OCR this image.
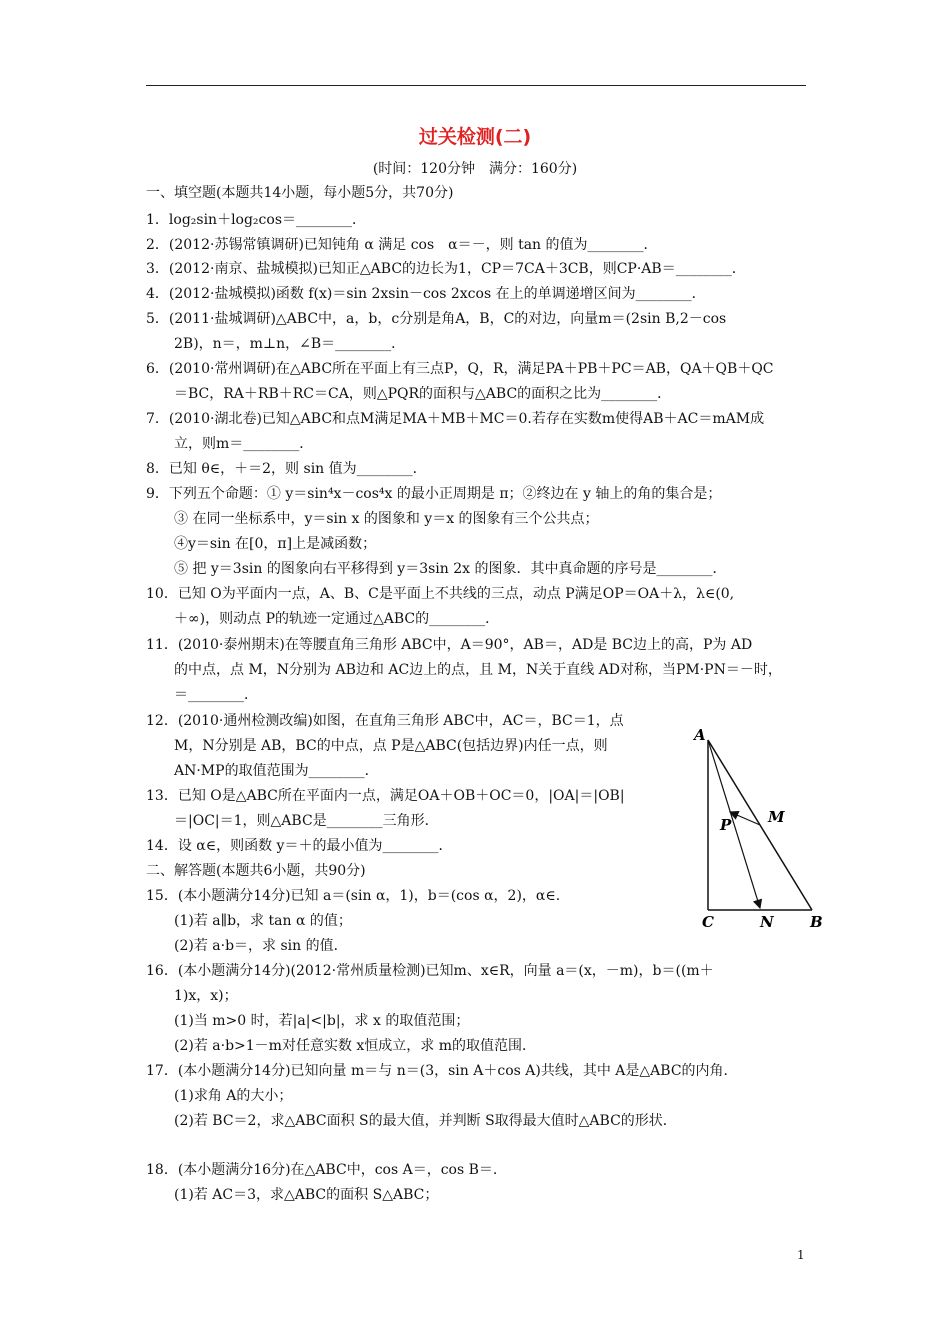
过关检测(二)
(时间：120分钟　满分：160分)
一、填空题(本题共14小题，每小题5分，共70分)
1．log₂sin＋log₂cos＝________．
2．(2012·苏锡常镇调研)已知钝角 α 满足 cos　α＝－，则 tan 的值为________．
3．(2012·南京、盐城模拟)已知正△ABC的边长为1，CP＝7CA＋3CB，则CP·AB＝________．
4．(2012·盐城模拟)函数 f(x)＝sin 2xsin－cos 2xcos 在上的单调递增区间为________．
5．(2011·盐城调研)△ABC中，a，b，c分别是角A，B，C的对边，向量m＝(2sin B,2－cos
　　2B)，n＝，m⊥n，∠B＝________．
6．(2010·常州调研)在△ABC所在平面上有三点P，Q，R，满足PA＋PB＋PC＝AB，QA＋QB＋QC
　　＝BC，RA＋RB＋RC＝CA，则△PQR的面积与△ABC的面积之比为________．
7．(2010·湖北卷)已知△ABC和点M满足MA＋MB＋MC＝0.若存在实数m使得AB＋AC＝mAM成
　　立，则m＝________．
8．已知 θ∈，＋＝2，则 sin 值为________．
9．下列五个命题：① y＝sin⁴x－cos⁴x 的最小正周期是 π；②终边在 y 轴上的角的集合是；
　　③ 在同一坐标系中，y＝sin x 的图象和 y＝x 的图象有三个公共点；
　　④y＝sin 在[0，π]上是减函数；
　　⑤ 把 y＝3sin 的图象向右平移得到 y＝3sin 2x 的图象．其中真命题的序号是________．
10．已知 O为平面内一点，A、B、C是平面上不共线的三点，动点 P满足OP＝OA＋λ，λ∈(0,
　　＋∞)，则动点 P的轨迹一定通过△ABC的________．
11．(2010·泰州期末)在等腰直角三角形 ABC中，A＝90°，AB＝，AD是 BC边上的高，P为 AD
　　的中点，点 M，N分别为 AB边和 AC边上的点，且 M，N关于直线 AD对称，当PM·PN＝－时，
　　＝________．
12．(2010·通州检测改编)如图，在直角三角形 ABC中，AC＝，BC＝1，点
　　M，N分别是 AB，BC的中点，点 P是△ABC(包括边界)内任一点，则
　　AN·MP的取值范围为________．
13．已知 O是△ABC所在平面内一点，满足OA＋OB＋OC＝0，|OA|＝|OB|
　　＝|OC|＝1，则△ABC是________三角形．
14．设 α∈，则函数 y＝＋的最小值为________．
二、解答题(本题共6小题，共90分)
15．(本小题满分14分)已知 a＝(sin α，1)，b＝(cos α，2)，α∈.
　　(1)若 a∥b，求 tan α 的值；
　　(2)若 a·b＝，求 sin 的值．
16．(本小题满分14分)(2012·常州质量检测)已知m、x∈R，向量 a＝(x，－m)，b＝((m＋
　　1)x，x)；
　　(1)当 m>0 时，若|a|<|b|，求 x 的取值范围；
　　(2)若 a·b>1－m对任意实数 x恒成立，求 m的取值范围．
17．(本小题满分14分)已知向量 m＝与 n＝(3，sin A＋cos A)共线，其中 A是△ABC的内角．
　　(1)求角 A的大小；
　　(2)若 BC＝2，求△ABC面积 S的最大值，并判断 S取得最大值时△ABC的形状．
18．(本小题满分16分)在△ABC中，cos A＝，cos B＝.
　　(1)若 AC＝3，求△ABC的面积 S△ABC；
A
C	N B
M
P
1
